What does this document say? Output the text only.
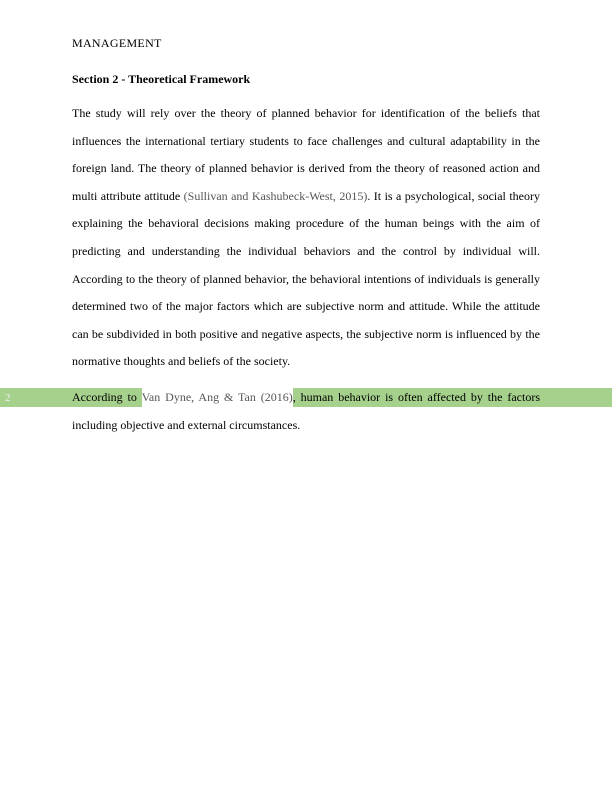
MANAGEMENT
Section 2 - Theoretical Framework
The study will rely over the theory of planned behavior for identification of the beliefs that
influences the international tertiary students to face challenges and cultural adaptability in the
foreign land. The theory of planned behavior is derived from the theory of reasoned action and
multi attribute attitude (Sullivan and Kashubeck-West, 2015). It is a psychological, social theory
explaining the behavioral decisions making procedure of the human beings with the aim of
predicting and understanding the individual behaviors and the control by individual will.
According to the theory of planned behavior, the behavioral intentions of individuals is generally
determined two of the major factors which are subjective norm and attitude. While the attitude
can be subdivided in both positive and negative aspects, the subjective norm is influenced by the
normative thoughts and beliefs of the society.
2	According to Van Dyne, Ang & Tan (2016), human behavior is often affected by the factors
including objective and external circumstances.
